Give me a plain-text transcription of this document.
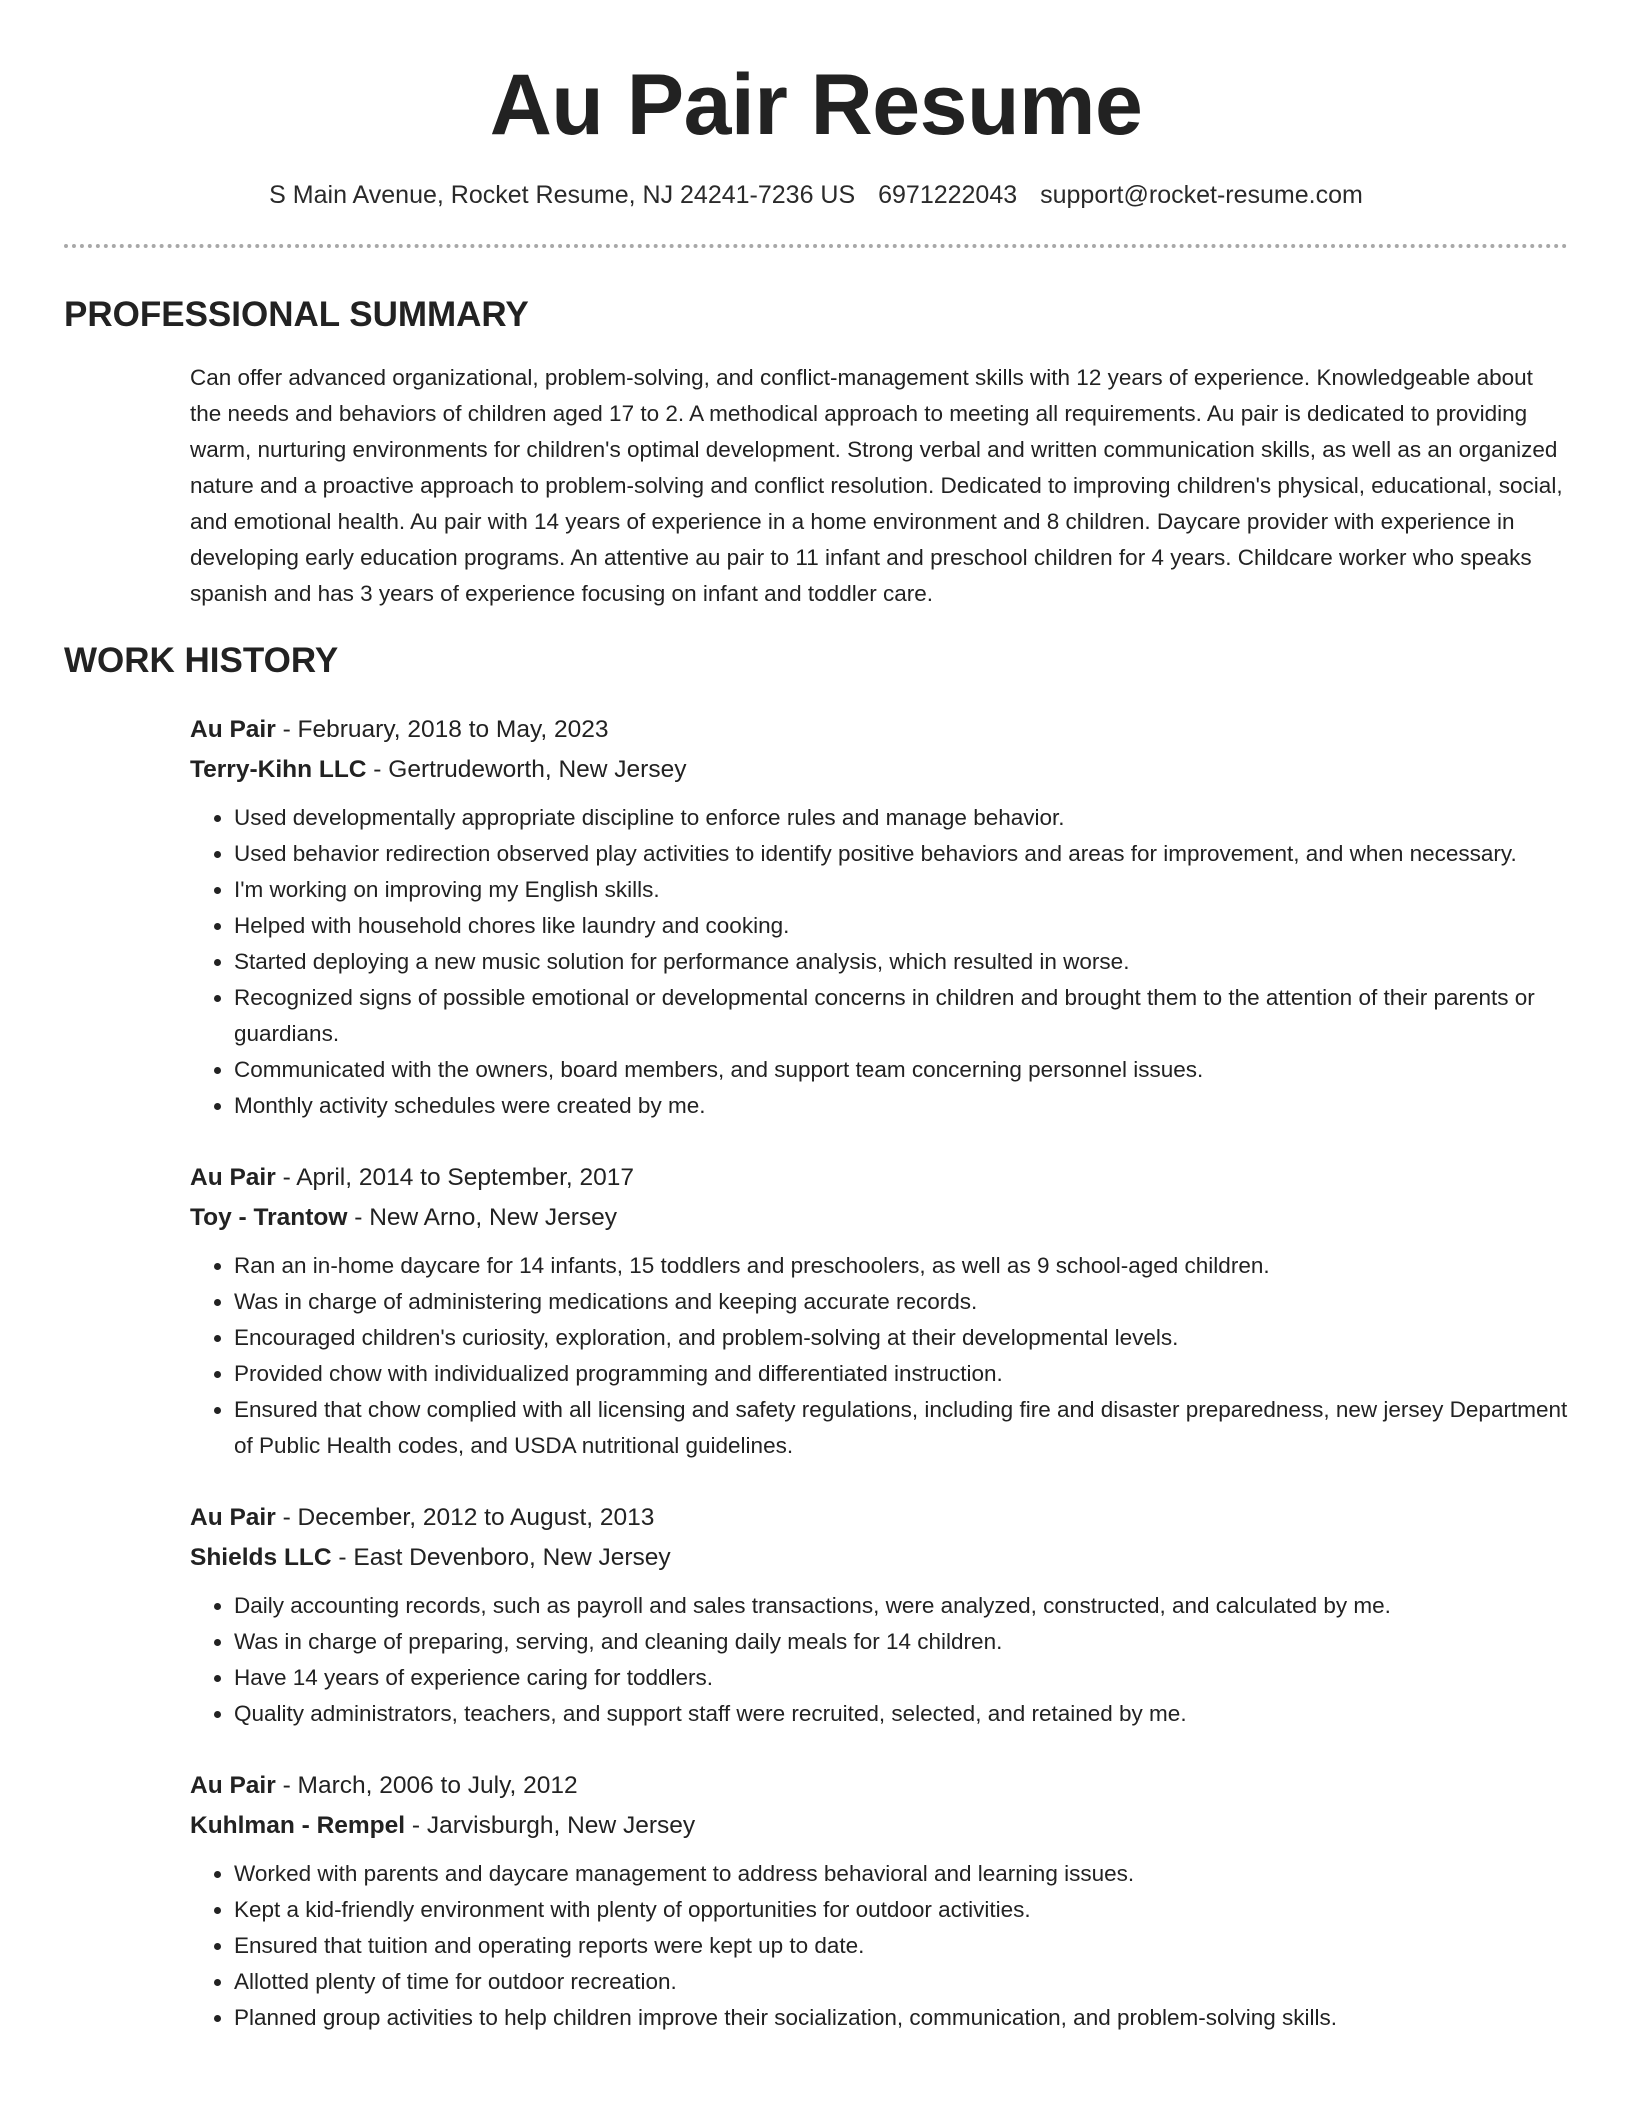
Au Pair Resume
S Main Avenue, Rocket Resume, NJ 24241-7236 US 6971222043 support@rocket-resume.com
PROFESSIONAL SUMMARY

Can offer advanced organizational, problem-solving, and conflict-management skills with 12 years of experience. Knowledgeable about the needs and behaviors of children aged 17 to 2. A methodical approach to meeting all requirements. Au pair is dedicated to providing warm, nurturing environments for children's optimal development. Strong verbal and written communication skills, as well as an organized nature and a proactive approach to problem-solving and conflict resolution. Dedicated to improving children's physical, educational, social, and emotional health. Au pair with 14 years of experience in a home environment and 8 children. Daycare provider with experience in developing early education programs. An attentive au pair to 11 infant and preschool children for 4 years. Childcare worker who speaks spanish and has 3 years of experience focusing on infant and toddler care.

WORK HISTORY
Au Pair - February, 2018 to May, 2023
Terry-Kihn LLC - Gertrudeworth, New Jersey
• Used developmentally appropriate discipline to enforce rules and manage behavior.
• Used behavior redirection observed play activities to identify positive behaviors and areas for improvement, and when necessary.
• I'm working on improving my English skills.
• Helped with household chores like laundry and cooking.
• Started deploying a new music solution for performance analysis, which resulted in worse.
• Recognized signs of possible emotional or developmental concerns in children and brought them to the attention of their parents or guardians.
• Communicated with the owners, board members, and support team concerning personnel issues.
• Monthly activity schedules were created by me.
Au Pair - April, 2014 to September, 2017
Toy - Trantow - New Arno, New Jersey
• Ran an in-home daycare for 14 infants, 15 toddlers and preschoolers, as well as 9 school-aged children.
• Was in charge of administering medications and keeping accurate records.
• Encouraged children's curiosity, exploration, and problem-solving at their developmental levels.
• Provided chow with individualized programming and differentiated instruction.
• Ensured that chow complied with all licensing and safety regulations, including fire and disaster preparedness, new jersey Department of Public Health codes, and USDA nutritional guidelines.
Au Pair - December, 2012 to August, 2013
Shields LLC - East Devenboro, New Jersey
• Daily accounting records, such as payroll and sales transactions, were analyzed, constructed, and calculated by me.
• Was in charge of preparing, serving, and cleaning daily meals for 14 children.
• Have 14 years of experience caring for toddlers.
• Quality administrators, teachers, and support staff were recruited, selected, and retained by me.
Au Pair - March, 2006 to July, 2012
Kuhlman - Rempel - Jarvisburgh, New Jersey
• Worked with parents and daycare management to address behavioral and learning issues.
• Kept a kid-friendly environment with plenty of opportunities for outdoor activities.
• Ensured that tuition and operating reports were kept up to date.
• Allotted plenty of time for outdoor recreation.
• Planned group activities to help children improve their socialization, communication, and problem-solving skills.
